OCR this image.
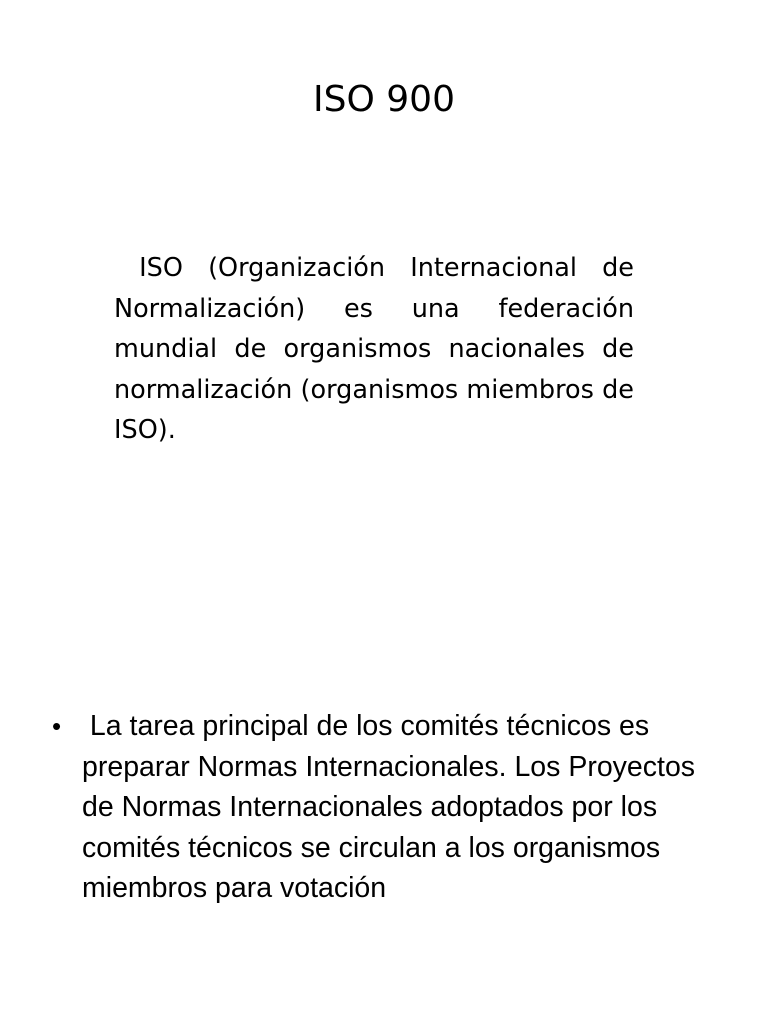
ISO 900

ISO (Organización Internacional de Normalización) es una federación mundial de organismos nacionales de normalización (organismos miembros de ISO).

• La tarea principal de los comités técnicos es preparar Normas Internacionales. Los Proyectos de Normas Internacionales adoptados por los comités técnicos se circulan a los organismos miembros para votación
